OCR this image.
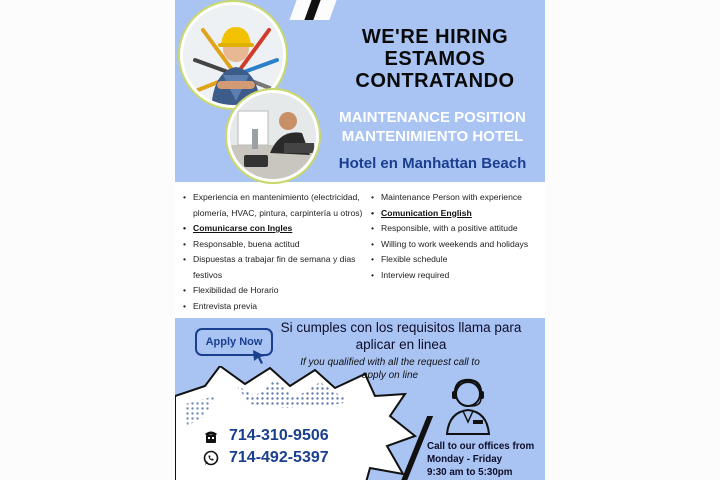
WE'RE HIRING
ESTAMOS
CONTRATANDO
MAINTENANCE POSITION
MANTENIMIENTO HOTEL
Hotel en Manhattan Beach
• Experiencia en mantenimiento (electricidad, plomería, HVAC, pintura, carpintería u otros)
• Comunicarse con Ingles
• Responsable, buena actitud
• Dispuestas a trabajar fin de semana y dias festivos
• Flexibilidad de Horario
• Entrevista previa
• Maintenance Person with experience
• Comunication English
• Responsible, with a positive attitude
• Willing to work weekends and holidays
• Flexible schedule
• Interview required
Apply Now
Si cumples con los requisitos llama para aplicar en linea
If you qualified with all the request call to apply on line
714-310-9506
714-492-5397
Call to our offices from
Monday - Friday
9:30 am to 5:30pm
